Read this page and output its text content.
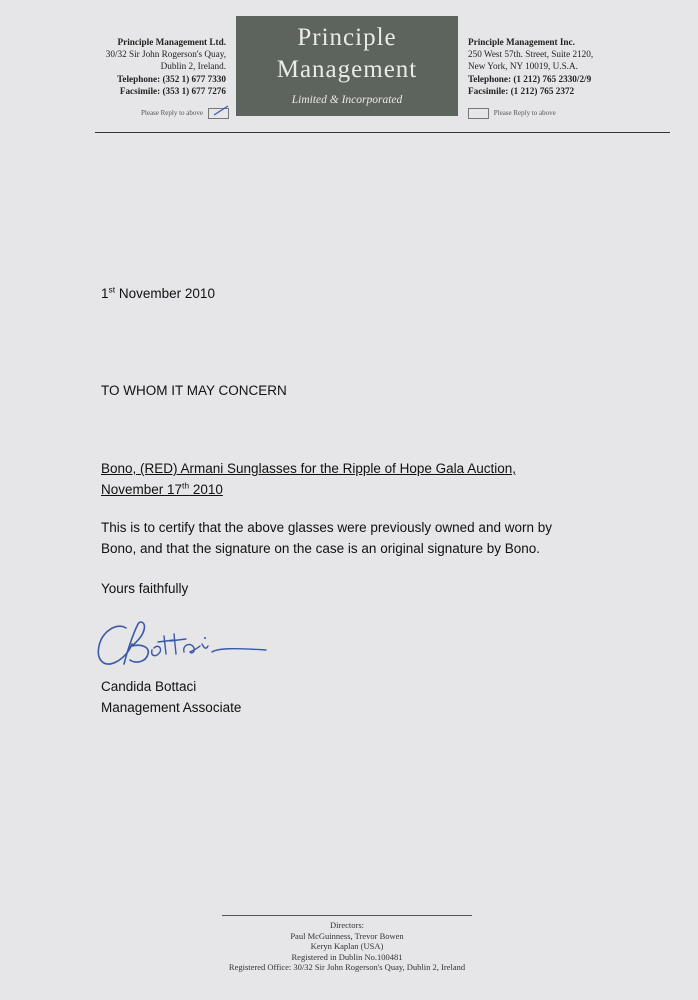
Principle Management Ltd.
30/32 Sir John Rogerson's Quay,
Dublin 2, Ireland.
Telephone: (352 1) 677 7330
Facsimile: (353 1) 677 7276
Principle
Management
Limited & Incorporated
Principle Management Inc.
250 West 57th. Street, Suite 2120,
New York, NY 10019, U.S.A.
Telephone: (1 212) 765 2330/2/9
Facsimile: (1 212) 765 2372
Please Reply to above	Please Reply to above
1st November 2010
TO WHOM IT MAY CONCERN
Bono, (RED) Armani Sunglasses for the Ripple of Hope Gala Auction,
November 17th 2010
This is to certify that the above glasses were previously owned and worn by
Bono, and that the signature on the case is an original signature by Bono.
Yours faithfully
Candida Bottaci
Management Associate
Directors:
Paul McGuinness, Trevor Bowen
Keryn Kaplan (USA)
Registered in Dublin No.100481
Registered Office: 30/32 Sir John Rogerson's Quay, Dublin 2, Ireland
